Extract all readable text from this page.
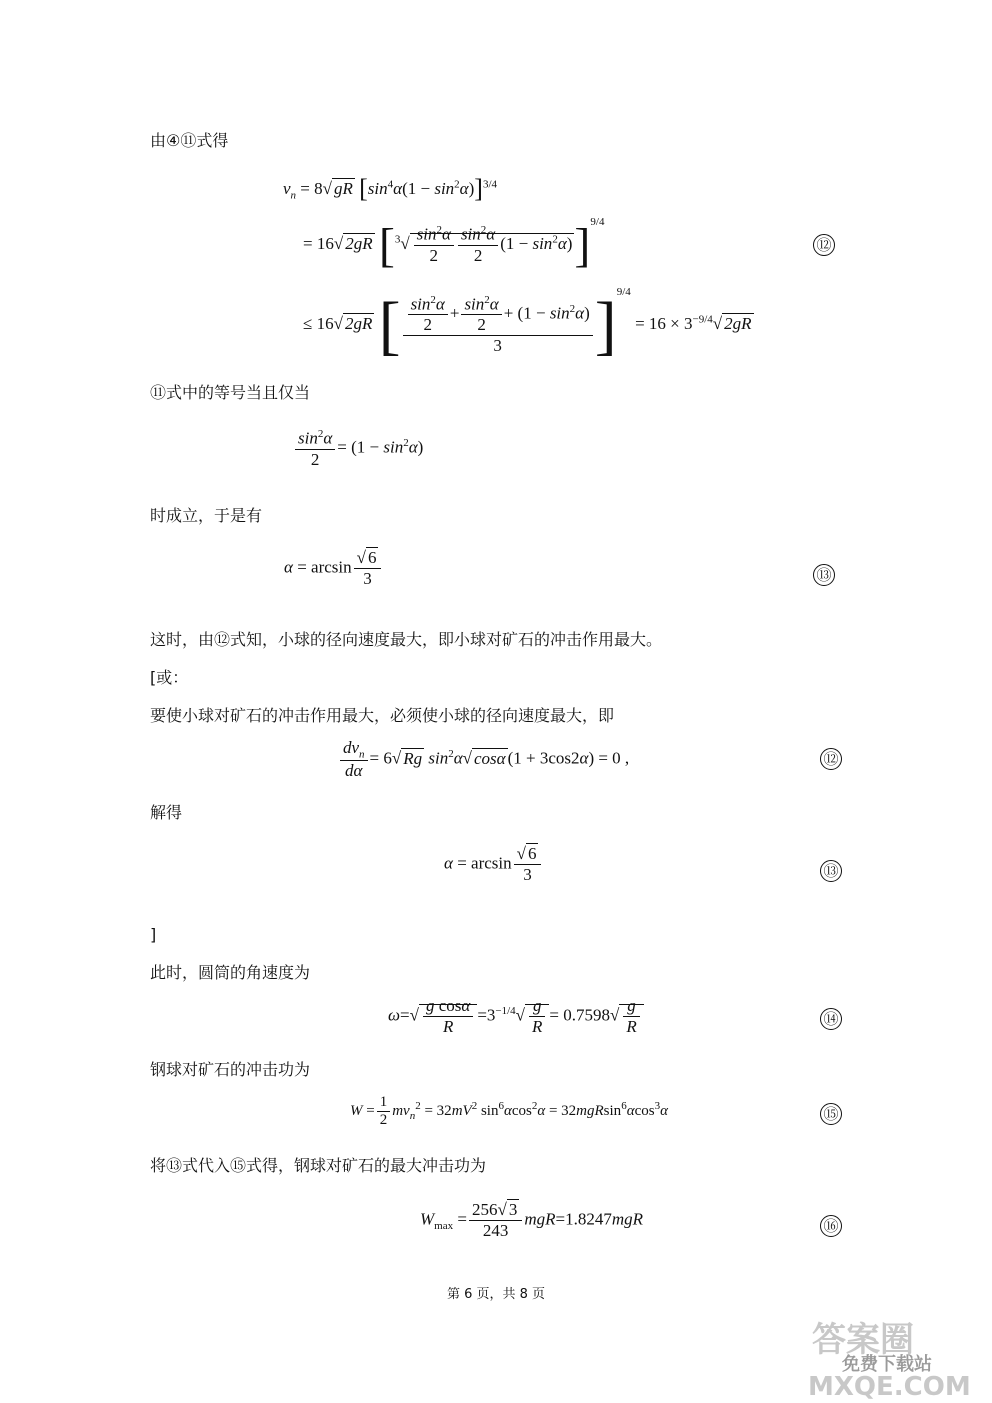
由④⑪式得
$v_n = 8√$ gR $[\sin^4\alpha(1 - \sin^2\alpha)]^{3/4}$
= 16√ 2gR $[^3√ \frac{\sin^2\alpha}{2} \frac{\sin^2\alpha}{2} (1 - \sin^2\alpha)]^{9/4}$
≤ 16√ 2gR [ $\frac{\frac{\sin^2\alpha}{2} + \frac{\sin^2\alpha}{2} + (1 - \sin^2\alpha)}{3} ]^{9/4} = 16 \times 3^{-9/4}√$ 2gR
⑫
⑪式中的等号当且仅当
$\frac{\sin^2\alpha}{2} = (1 - \sin^2\alpha)$
时成立，于是有
$\alpha = \arcsin \frac{√ 6}{3}$	⑬
这时，由⑫式知，小球的径向速度最大，即小球对矿石的冲击作用最大。
[或：
要使小球对矿石的冲击作用最大，必须使小球的径向速度最大，即
$\frac{dv_n}{d\alpha} = 6√$ Rg $\sin^2\alpha√$ cosα (1 + 3cos2α) = 0 ,	⑫
解得
$\alpha = \arcsin \frac{√ 6}{3}$	⑬
]
此时，圆筒的角速度为
$\omega=√ \frac{\text{g cosα}}{R} =3^{-1/4}√ \frac{g}{R} = 0.7598√ \frac{g}{R}$	⑭
钢球对矿石的冲击功为
$W = \frac{1}{2} mv_n^2 = 32mV^2$ $\sin^6\alpha\cos^2\alpha = 32mgRsin^6\alpha\cos^3\alpha$	⑮
将⑬式代入⑮式得，钢球对矿石的最大冲击功为
$W_{max} = \frac{256√ 3}{243} mgR=1.8247mgR$	⑯
第 6 页，共 8 页
答案圈
免费下载站
MXQE.COM
